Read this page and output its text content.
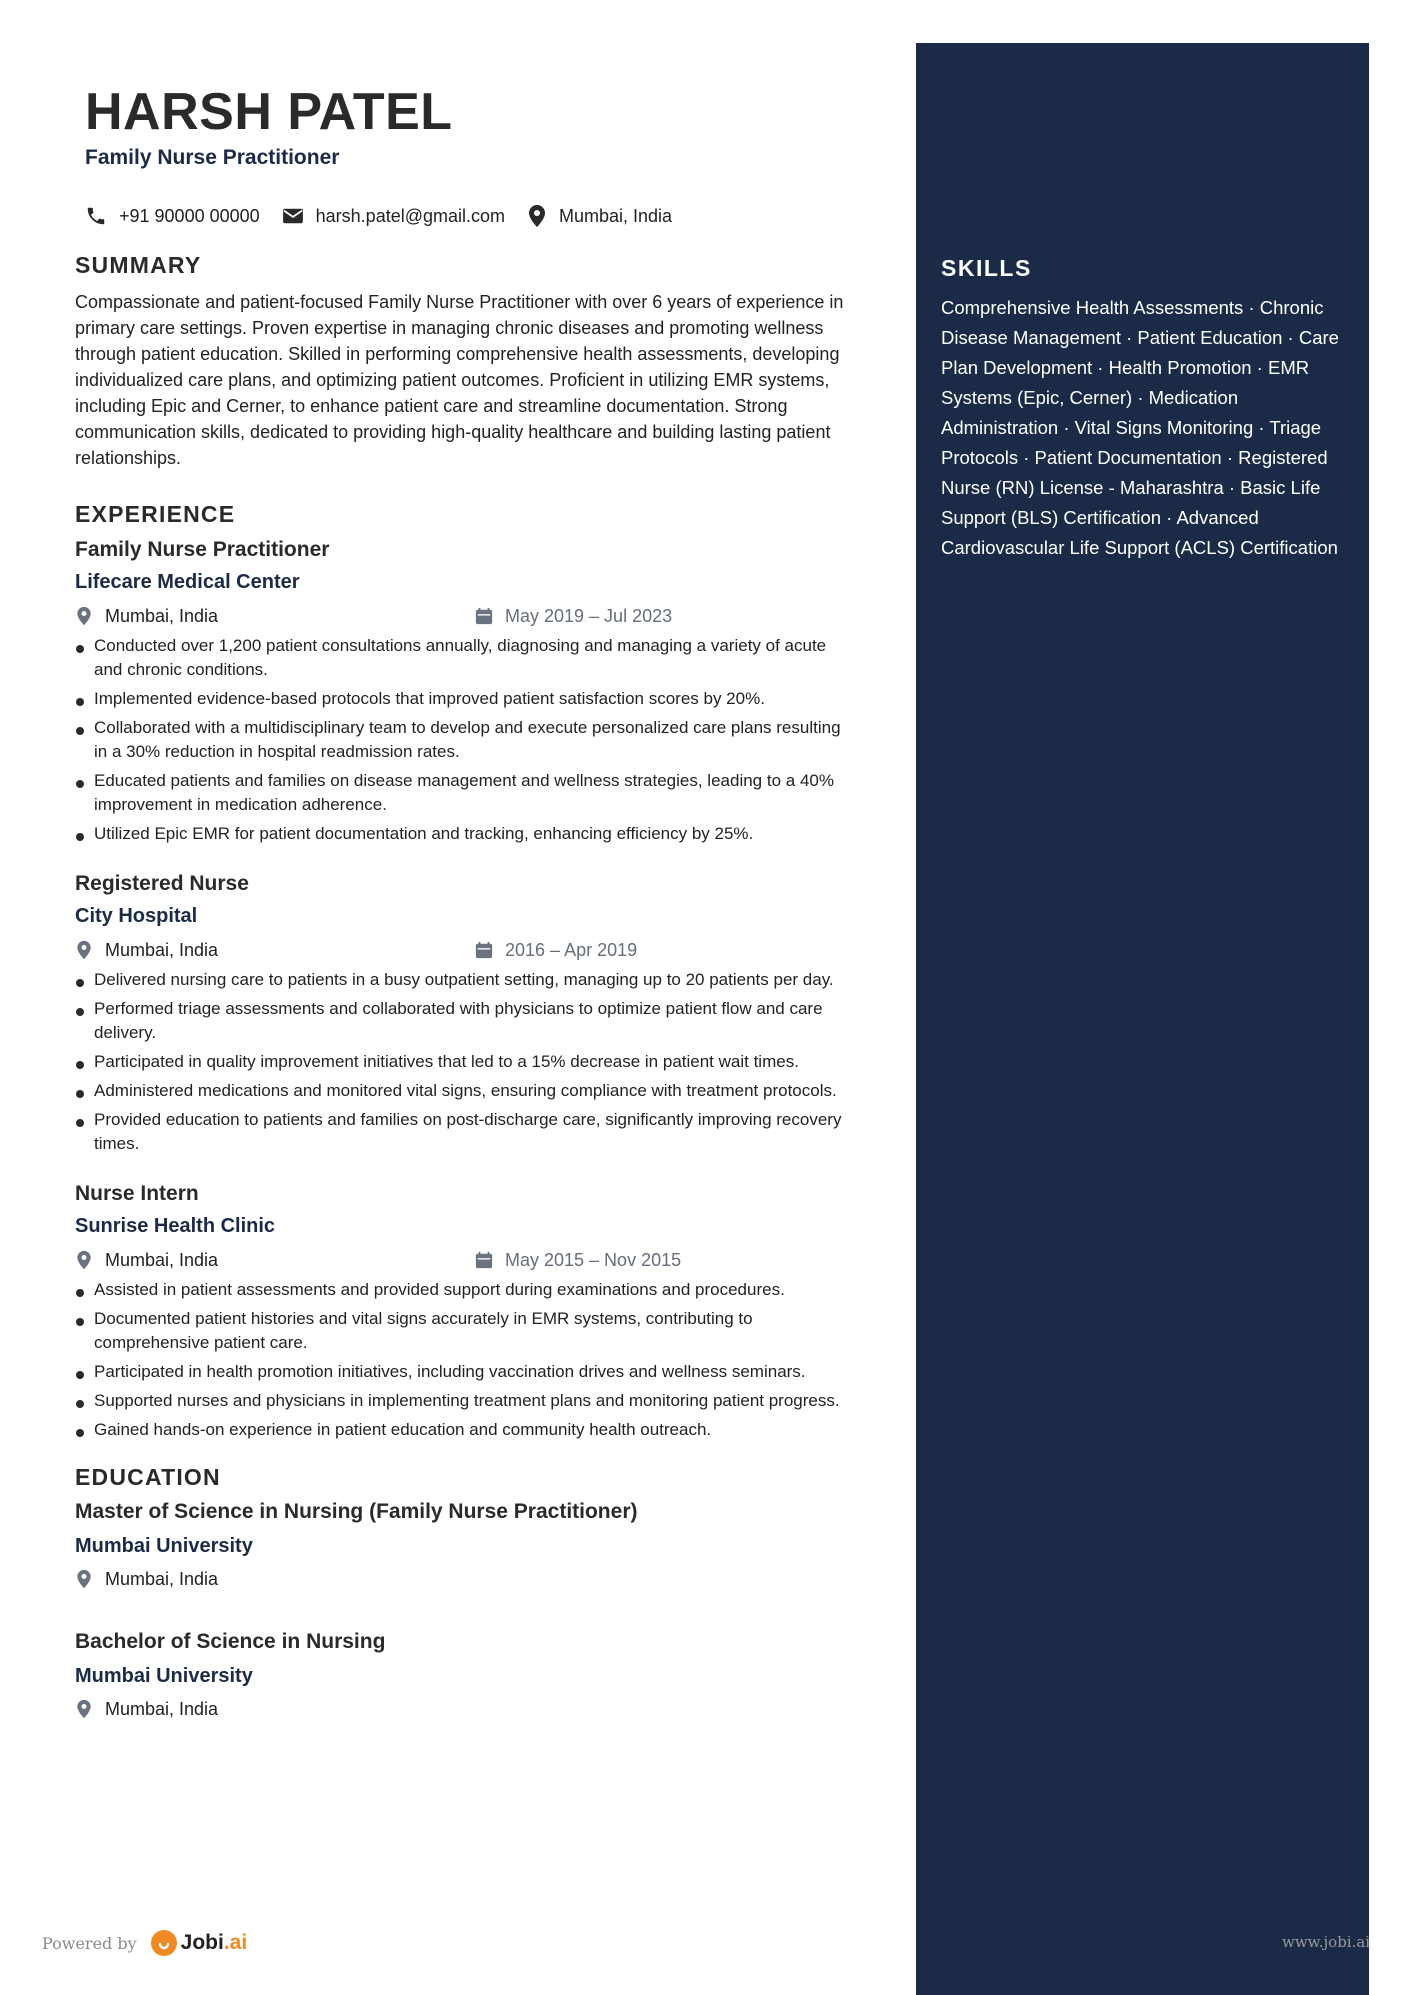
SKILLS
Comprehensive Health Assessments · Chronic Disease Management · Patient Education · Care Plan Development · Health Promotion · EMR Systems (Epic, Cerner) · Medication Administration · Vital Signs Monitoring · Triage Protocols · Patient Documentation · Registered Nurse (RN) License - Maharashtra · Basic Life Support (BLS) Certification · Advanced Cardiovascular Life Support (ACLS) Certification
HARSH PATEL
Family Nurse Practitioner
+91 90000 00000	harsh.patel@gmail.com	Mumbai, India
SUMMARY
Compassionate and patient-focused Family Nurse Practitioner with over 6 years of experience in primary care settings. Proven expertise in managing chronic diseases and promoting wellness through patient education. Skilled in performing comprehensive health assessments, developing individualized care plans, and optimizing patient outcomes. Proficient in utilizing EMR systems, including Epic and Cerner, to enhance patient care and streamline documentation. Strong communication skills, dedicated to providing high-quality healthcare and building lasting patient relationships.
EXPERIENCE
Family Nurse Practitioner
Lifecare Medical Center
Mumbai, India	May 2019 – Jul 2023
Conducted over 1,200 patient consultations annually, diagnosing and managing a variety of acute and chronic conditions.
Implemented evidence-based protocols that improved patient satisfaction scores by 20%.
Collaborated with a multidisciplinary team to develop and execute personalized care plans resulting in a 30% reduction in hospital readmission rates.
Educated patients and families on disease management and wellness strategies, leading to a 40% improvement in medication adherence.
Utilized Epic EMR for patient documentation and tracking, enhancing efficiency by 25%.
Registered Nurse
City Hospital
Mumbai, India	2016 – Apr 2019
Delivered nursing care to patients in a busy outpatient setting, managing up to 20 patients per day.
Performed triage assessments and collaborated with physicians to optimize patient flow and care delivery.
Participated in quality improvement initiatives that led to a 15% decrease in patient wait times.
Administered medications and monitored vital signs, ensuring compliance with treatment protocols.
Provided education to patients and families on post-discharge care, significantly improving recovery times.
Nurse Intern
Sunrise Health Clinic
Mumbai, India	May 2015 – Nov 2015
Assisted in patient assessments and provided support during examinations and procedures.
Documented patient histories and vital signs accurately in EMR systems, contributing to comprehensive patient care.
Participated in health promotion initiatives, including vaccination drives and wellness seminars.
Supported nurses and physicians in implementing treatment plans and monitoring patient progress.
Gained hands-on experience in patient education and community health outreach.
EDUCATION
Master of Science in Nursing (Family Nurse Practitioner)
Mumbai University
Mumbai, India
Bachelor of Science in Nursing
Mumbai University
Mumbai, India
Powered by Jobi.ai	www.jobi.ai
